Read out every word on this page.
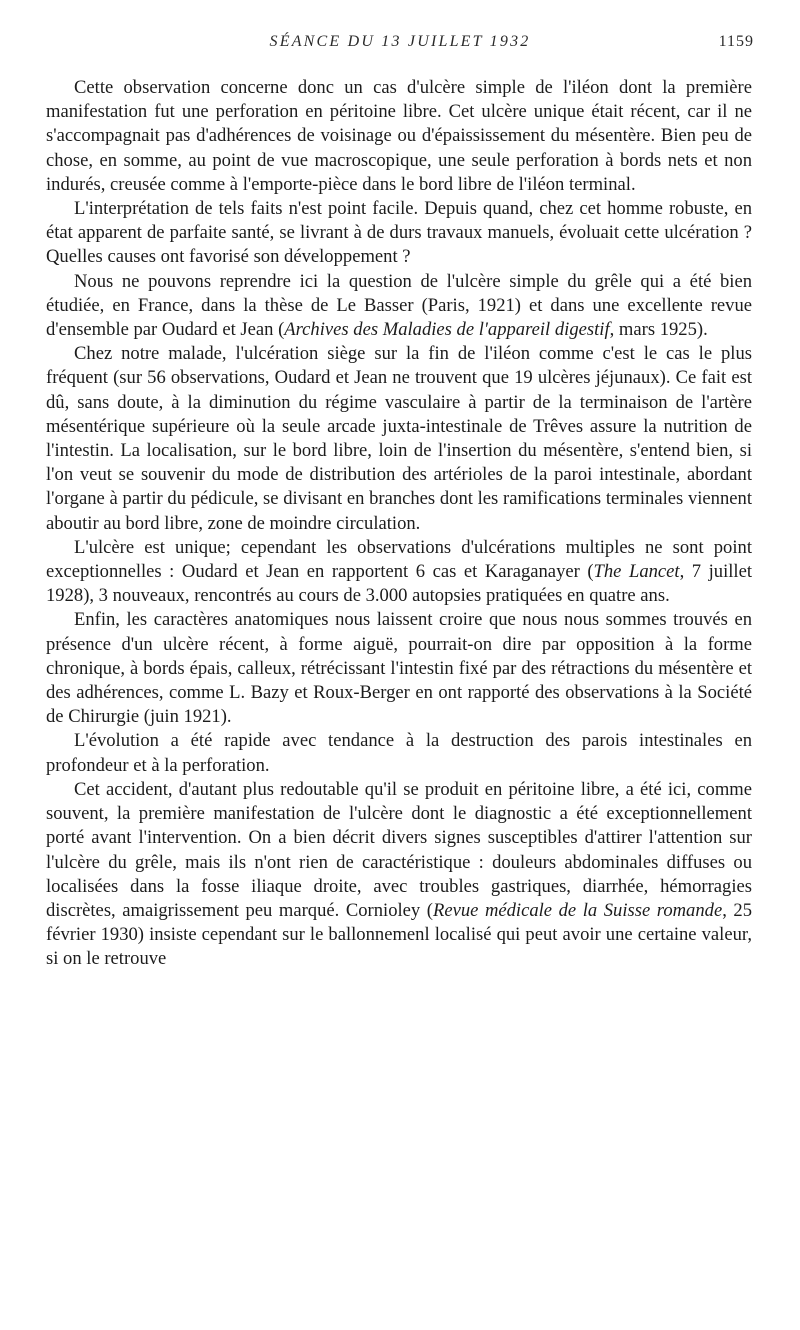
SÉANCE DU 13 JUILLET 1932	1159

Cette observation concerne donc un cas d'ulcère simple de l'iléon dont la première manifestation fut une perforation en péritoine libre. Cet ulcère unique était récent, car il ne s'accompagnait pas d'adhérences de voisinage ou d'épaississement du mésentère. Bien peu de chose, en somme, au point de vue macroscopique, une seule perforation à bords nets et non indurés, creusée comme à l'emporte-pièce dans le bord libre de l'iléon terminal.

L'interprétation de tels faits n'est point facile. Depuis quand, chez cet homme robuste, en état apparent de parfaite santé, se livrant à de durs travaux manuels, évoluait cette ulcération ? Quelles causes ont favorisé son développement ?

Nous ne pouvons reprendre ici la question de l'ulcère simple du grêle qui a été bien étudiée, en France, dans la thèse de Le Basser (Paris, 1921) et dans une excellente revue d'ensemble par Oudard et Jean (Archives des Maladies de l'appareil digestif, mars 1925).

Chez notre malade, l'ulcération siège sur la fin de l'iléon comme c'est le cas le plus fréquent (sur 56 observations, Oudard et Jean ne trouvent que 19 ulcères jéjunaux). Ce fait est dû, sans doute, à la diminution du régime vasculaire à partir de la terminaison de l'artère mésentérique supérieure où la seule arcade juxta-intestinale de Trêves assure la nutrition de l'intestin. La localisation, sur le bord libre, loin de l'insertion du mésentère, s'entend bien, si l'on veut se souvenir du mode de distribution des artérioles de la paroi intestinale, abordant l'organe à partir du pédicule, se divisant en branches dont les ramifications terminales viennent aboutir au bord libre, zone de moindre circulation.

L'ulcère est unique; cependant les observations d'ulcérations multiples ne sont point exceptionnelles : Oudard et Jean en rapportent 6 cas et Karaganayer (The Lancet, 7 juillet 1928), 3 nouveaux, rencontrés au cours de 3.000 autopsies pratiquées en quatre ans.

Enfin, les caractères anatomiques nous laissent croire que nous nous sommes trouvés en présence d'un ulcère récent, à forme aiguë, pourrait-on dire par opposition à la forme chronique, à bords épais, calleux, rétrécissant l'intestin fixé par des rétractions du mésentère et des adhérences, comme L. Bazy et Roux-Berger en ont rapporté des observations à la Société de Chirurgie (juin 1921).

L'évolution a été rapide avec tendance à la destruction des parois intestinales en profondeur et à la perforation.

Cet accident, d'autant plus redoutable qu'il se produit en péritoine libre, a été ici, comme souvent, la première manifestation de l'ulcère dont le diagnostic a été exceptionnellement porté avant l'intervention. On a bien décrit divers signes susceptibles d'attirer l'attention sur l'ulcère du grêle, mais ils n'ont rien de caractéristique : douleurs abdominales diffuses ou localisées dans la fosse iliaque droite, avec troubles gastriques, diarrhée, hémorragies discrètes, amaigrissement peu marqué. Cornioley (Revue médicale de la Suisse romande, 25 février 1930) insiste cependant sur le ballonnemenl localisé qui peut avoir une certaine valeur, si on le retrouve
